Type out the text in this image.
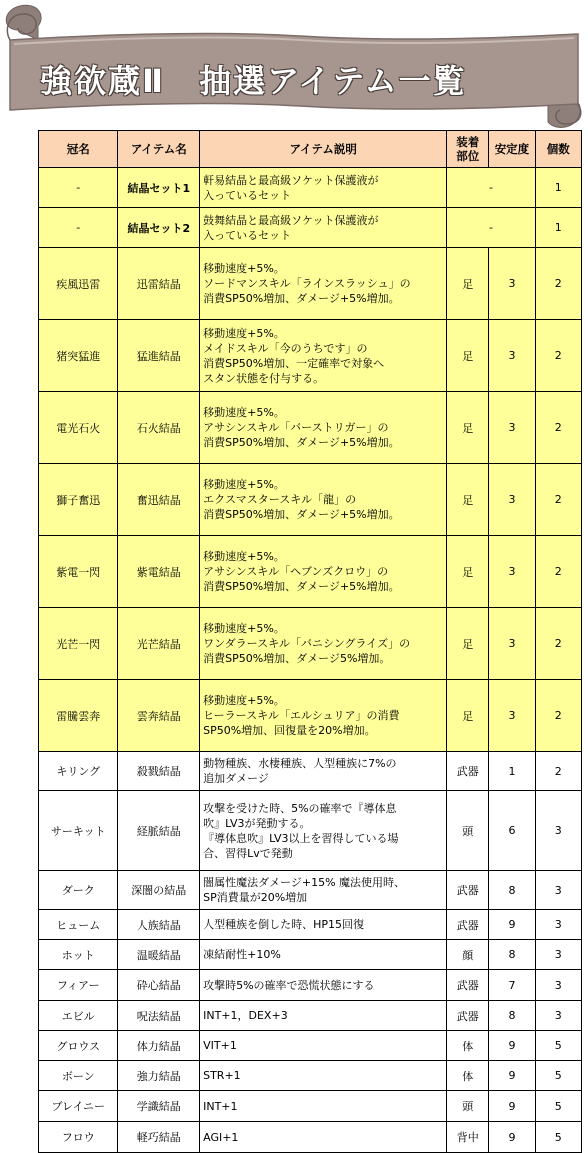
強欲蔵Ⅱ　抽選アイテム一覧
冠名	アイテム名	アイテム説明	装着部位	安定度	個数
-	結晶セット1	軒易結晶と最高級ソケット保護液が
入っているセット	-		1
-	結晶セット2	鼓舞結晶と最高級ソケット保護液が
入っているセット	-		1
疾風迅雷	迅雷結晶	移動速度+5%。
ソードマンスキル「ラインスラッシュ」の
消費SP50%増加、ダメージ+5%増加。	足	3	2
猪突猛進	猛進結晶	移動速度+5%。
メイドスキル「今のうちです」の
消費SP50%増加、一定確率で対象へ
スタン状態を付与する。	足	3	2
電光石火	石火結晶	移動速度+5%。
アサシンスキル「バーストリガー」の
消費SP50%増加、ダメージ+5%増加。	足	3	2
獅子奮迅	奮迅結晶	移動速度+5%。
エクスマスタースキル「龍」の
消費SP50%増加、ダメージ+5%増加。	足	3	2
紫電一閃	紫電結晶	移動速度+5%。
アサシンスキル「ヘブンズクロウ」の
消費SP50%増加、ダメージ+5%増加。	足	3	2
光芒一閃	光芒結晶	移動速度+5%。
ワンダラースキル「バニシングライズ」の
消費SP50%増加、ダメージ5%増加。	足	3	2
雷騰雲奔	雲奔結晶	移動速度+5%。
ヒーラースキル「エルシュリア」の消費
SP50%増加、回復量を20%増加。	足	3	2
キリング	殺戮結晶	動物種族、水棲種族、人型種族に7%の
追加ダメージ	武器	1	2
サーキット	経脈結晶	攻撃を受けた時、5%の確率で『導体息
吹』LV3が発動する。
『導体息吹』LV3以上を習得している場
合、習得Lvで発動	頭	6	3
ダーク	深闇の結晶	闇属性魔法ダメージ+15% 魔法使用時、
SP消費量が20%増加	武器	8	3
ヒューム	人族結晶	人型種族を倒した時、HP15回復	武器	9	3
ホット	温暖結晶	凍結耐性+10%	顔	8	3
フィアー	砕心結晶	攻撃時5%の確率で恐慌状態にする	武器	7	3
エビル	呪法結晶	INT+1，DEX+3	武器	8	3
グロウス	体力結晶	VIT+1	体	9	5
ボーン	強力結晶	STR+1	体	9	5
ブレイニー	学識結晶	INT+1	頭	9	5
フロウ	軽巧結晶	AGI+1	背中	9	5
